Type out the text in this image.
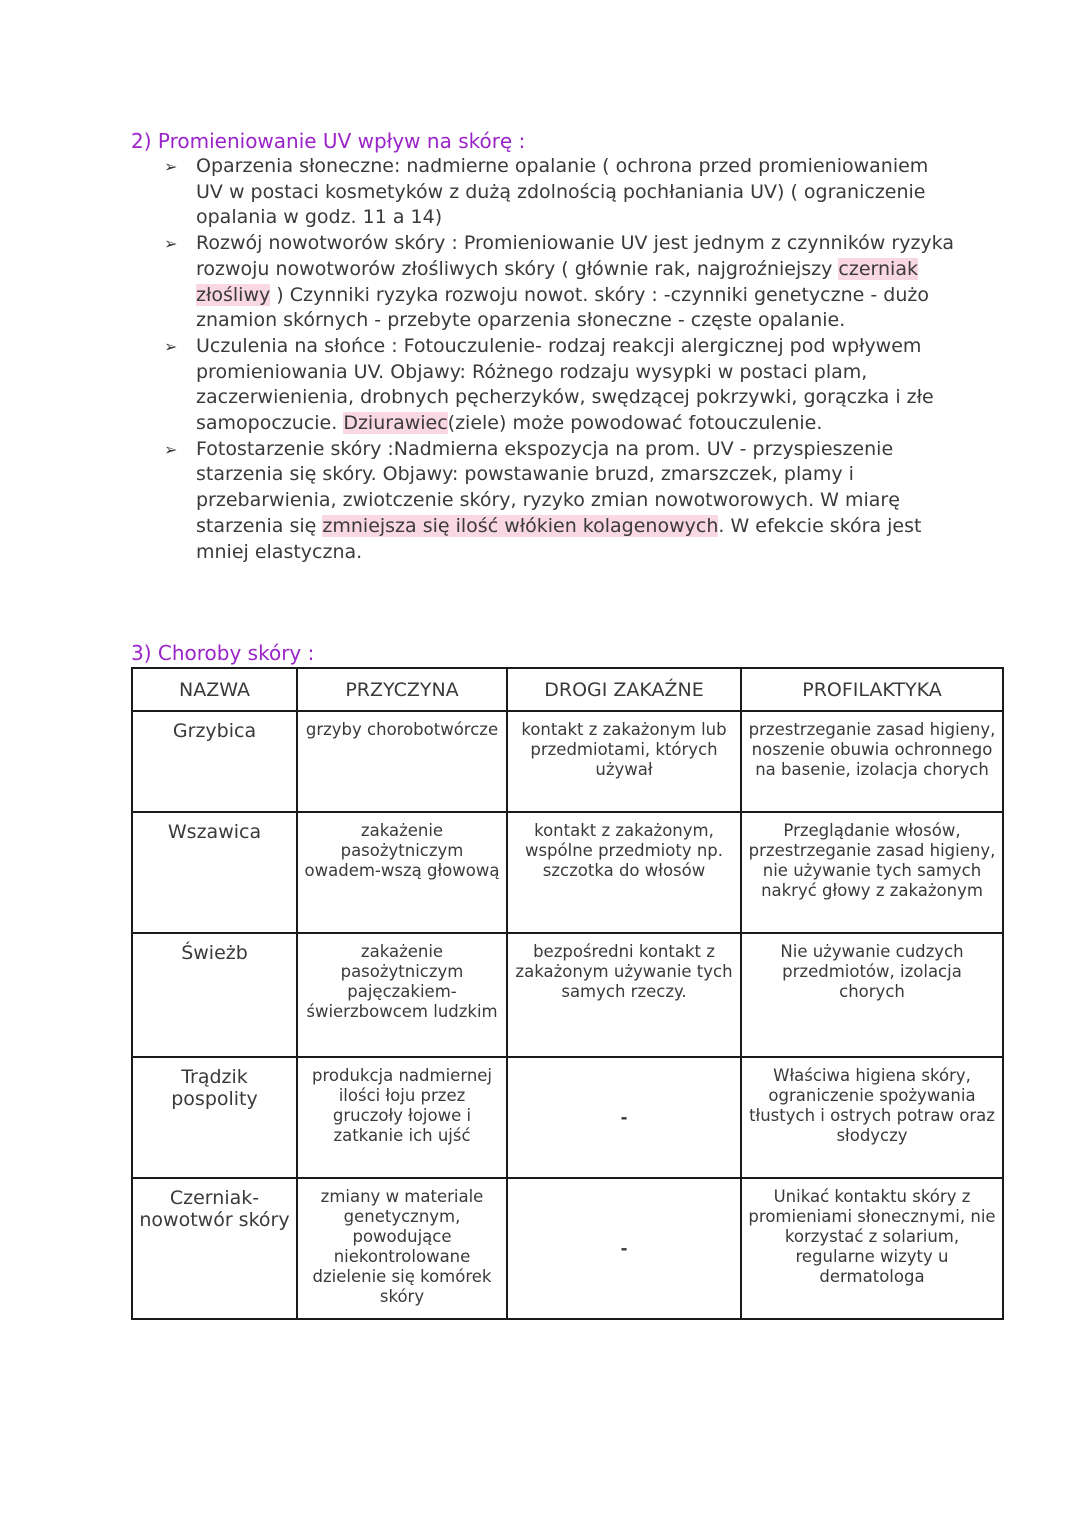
2) Promieniowanie UV wpływ na skórę :
➢ Oparzenia słoneczne: nadmierne opalanie ( ochrona przed promieniowaniem UV w postaci kosmetyków z dużą zdolnością pochłaniania UV) ( ograniczenie opalania w godz. 11 a 14)
➢ Rozwój nowotworów skóry : Promieniowanie UV jest jednym z czynników ryzyka rozwoju nowotworów złośliwych skóry ( głównie rak, najgroźniejszy czerniak złośliwy ) Czynniki ryzyka rozwoju nowot. skóry : -czynniki genetyczne - dużo znamion skórnych - przebyte oparzenia słoneczne - częste opalanie.
➢ Uczulenia na słońce : Fotouczulenie- rodzaj reakcji alergicznej pod wpływem promieniowania UV. Objawy: Różnego rodzaju wysypki w postaci plam, zaczerwienienia, drobnych pęcherzyków, swędzącej pokrzywki, gorączka i złe samopoczucie. Dziurawiec(ziele) może powodować fotouczulenie.
➢ Fotostarzenie skóry :Nadmierna ekspozycja na prom. UV - przyspieszenie starzenia się skóry. Objawy: powstawanie bruzd, zmarszczek, plamy i przebarwienia, zwiotczenie skóry, ryzyko zmian nowotworowych. W miarę starzenia się zmniejsza się ilość włókien kolagenowych. W efekcie skóra jest mniej elastyczna.
3) Choroby skóry :
NAZWA	PRZYCZYNA	DROGI ZAKAŹNE	PROFILAKTYKA
Grzybica	grzyby chorobotwórcze	kontakt z zakażonym lub przedmiotami, których używał	przestrzeganie zasad higieny, noszenie obuwia ochronnego na basenie, izolacja chorych
Wszawica	zakażenie pasożytniczym owadem-wszą głowową	kontakt z zakażonym, wspólne przedmioty np. szczotka do włosów	Przeglądanie włosów, przestrzeganie zasad higieny, nie używanie tych samych nakryć głowy z zakażonym
Świeżb	zakażenie pasożytniczym pajęczakiem-świerzbowcem ludzkim	bezpośredni kontakt z zakażonym używanie tych samych rzeczy.	Nie używanie cudzych przedmiotów, izolacja chorych
Trądzik pospolity	produkcja nadmiernej ilości łoju przez gruczoły łojowe i zatkanie ich ujść	-	Właściwa higiena skóry, ograniczenie spożywania tłustych i ostrych potraw oraz słodyczy
Czerniak-nowotwór skóry	zmiany w materiale genetycznym, powodujące niekontrolowane dzielenie się komórek skóry	-	Unikać kontaktu skóry z promieniami słonecznymi, nie korzystać z solarium, regularne wizyty u dermatologa
